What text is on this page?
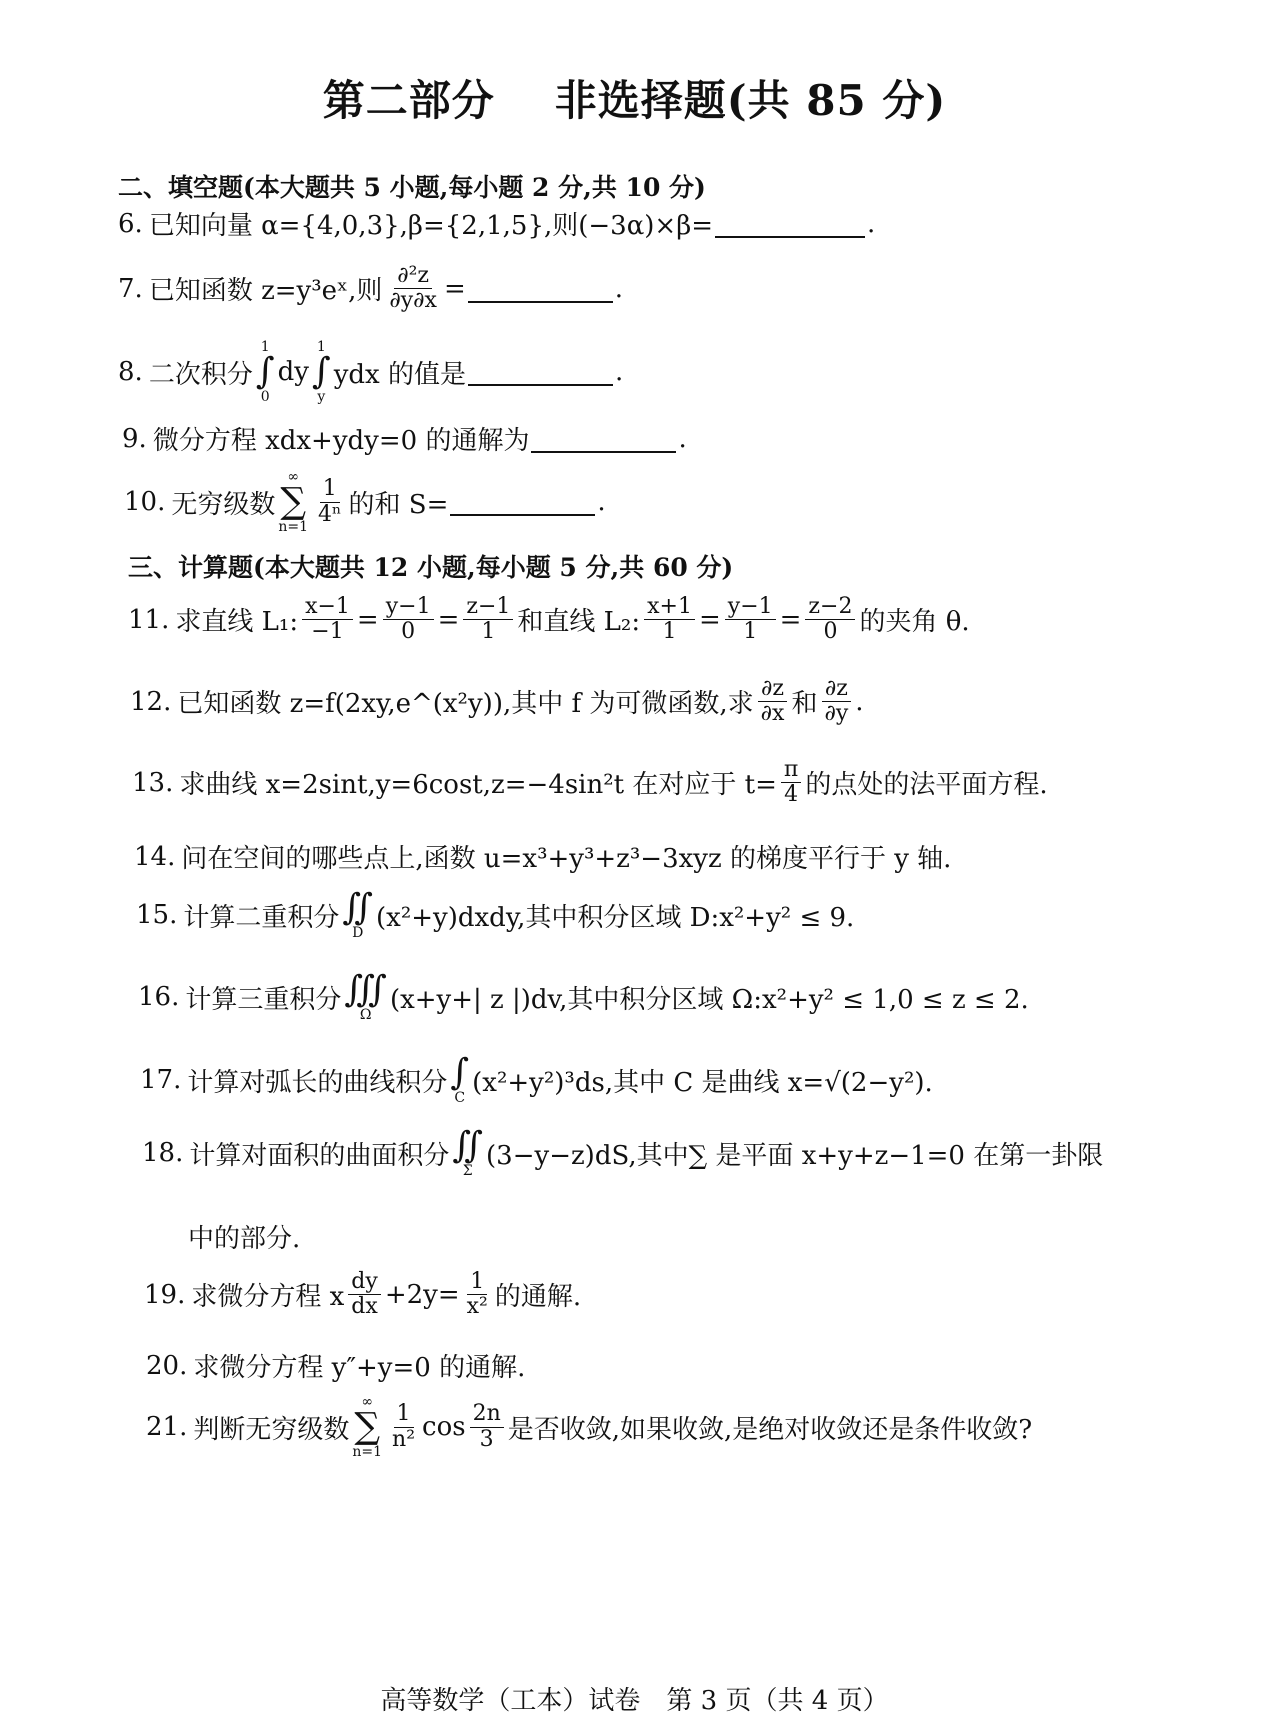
第二部分 非选择题(共 85 分)
二、填空题(本大题共 5 小题,每小题 2 分,共 10 分)
6. 已知向量 α={4,0,3},β={2,1,5},则(−3α)×β=	.
7. 已知函数 z=y³eˣ,则 $\frac{\text{∂²z}}{\partial y\partial x}$ =	.
8. 二次积分
1
∫
0
dy
1
∫
y
ydx 的值是	.
9. 微分方程 xdx+ydy=0 的通解为	.
10. 无穷级数
∞
∑
n=1
$\frac{1}{\text{4ⁿ}}$ 的和 S=	.
三、计算题(本大题共 12 小题,每小题 5 分,共 60 分)
11. 求直线 L₁: $\frac{x-1}{-1} = \frac{y-1}{0} = \frac{z-1}{1}$ 和直线 L₂: $\frac{x+1}{1} = \frac{y-1}{1} = \frac{z-2}{0}$ 的夹角 θ.
12. 已知函数 z=f(2xy,e^(x²y)),其中 f 为可微函数,求 $\frac{\partial z}{\partial x}$ 和 $\frac{\partial z}{\partial y}$ .
13. 求曲线 x=2sint,y=6cost,z=−4sin²t 在对应于 $t= \frac{\pi}{4}$ 的点处的法平面方程.
14. 问在空间的哪些点上,函数 u=x³+y³+z³−3xyz 的梯度平行于 y 轴.
15. 计算二重积分 ∬
D
(x²+y)dxdy,其中积分区域 D:x²+y² ≤ 9.
16. 计算三重积分 ∭
Ω
(x+y+| z |)dv,其中积分区域 Ω:x²+y² ≤ 1,0 ≤ z ≤ 2.
17. 计算对弧长的曲线积分 ∫
C
(x²+y²)³ds,其中 C 是曲线 x=√(2−y²).
18. 计算对面积的曲面积分 ∬
Σ
(3−y−z)dS,其中∑ 是平面 x+y+z−1=0 在第一卦限
中的部分.
19. 求微分方程 x $\frac{dy}{dx} +2y= \frac{1}{\text{x²}}$ 的通解.
20. 求微分方程 y″+y=0 的通解.
21. 判断无穷级数
∞
∑
n=1
$\frac{1}{\text{n²}}$ $\cos \frac{2n}{3}$ 是否收敛,如果收敛,是绝对收敛还是条件收敛?
高等数学（工本）试卷　第 3 页（共 4 页）
